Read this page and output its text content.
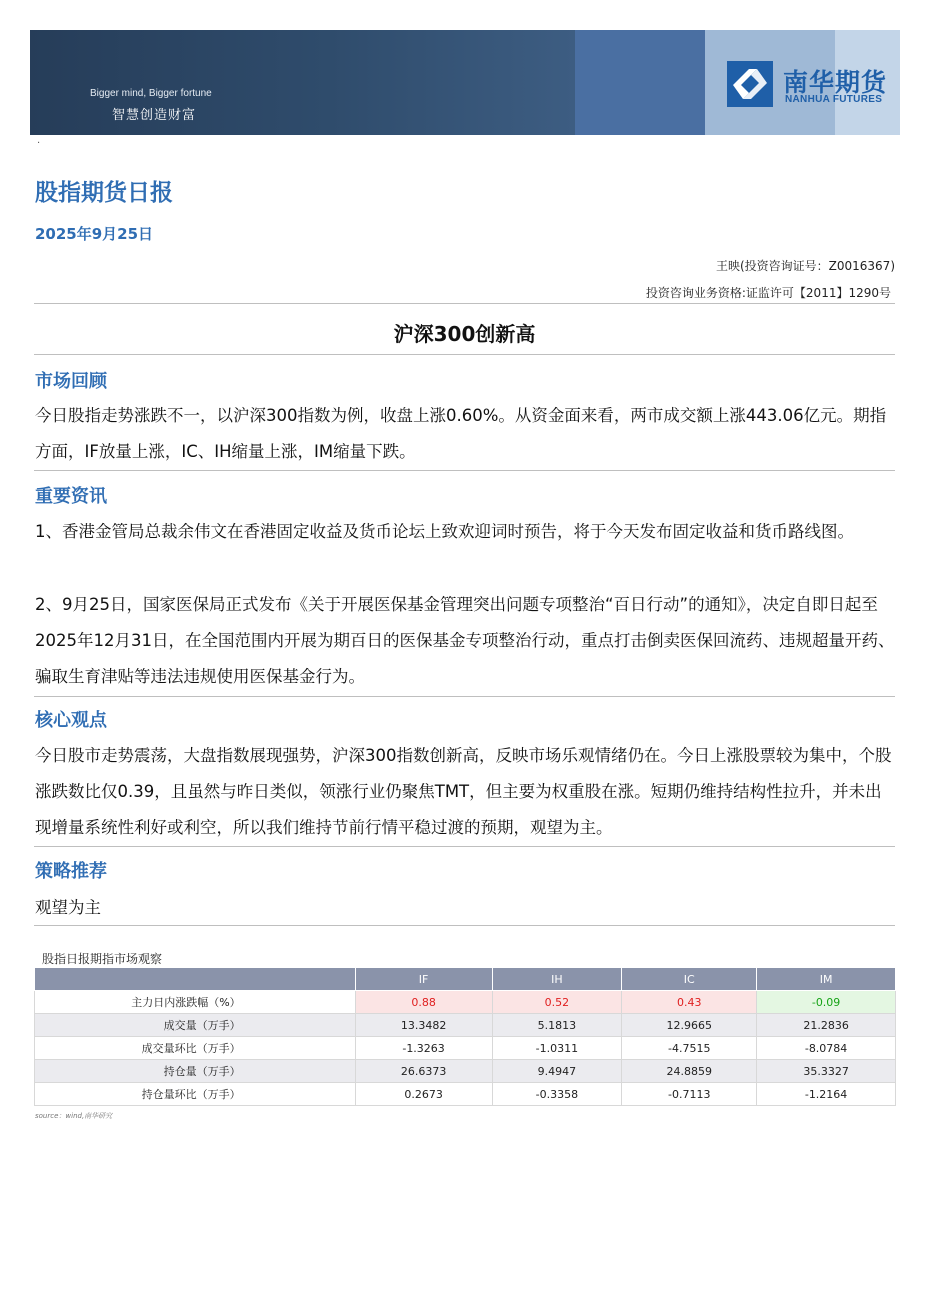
Bigger mind, Bigger fortune
智慧创造财富
南华期货
NANHUA FUTURES
·
股指期货日报
2025年9月25日
王映(投资咨询证号：Z0016367)
投资咨询业务资格:证监许可【2011】1290号
沪深300创新高
市场回顾
今日股指走势涨跌不一，以沪深300指数为例，收盘上涨0.60%。从资金面来看，两市成交额上涨443.06亿元。期指方面，IF放量上涨，IC、IH缩量上涨，IM缩量下跌。
重要资讯
1、香港金管局总裁余伟文在香港固定收益及货币论坛上致欢迎词时预告，将于今天发布固定收益和货币路线图。
2、9月25日，国家医保局正式发布《关于开展医保基金管理突出问题专项整治“百日行动”的通知》，决定自即日起至2025年12月31日，在全国范围内开展为期百日的医保基金专项整治行动，重点打击倒卖医保回流药、违规超量开药、骗取生育津贴等违法违规使用医保基金行为。
核心观点
今日股市走势震荡，大盘指数展现强势，沪深300指数创新高，反映市场乐观情绪仍在。今日上涨股票较为集中，个股涨跌数比仅0.39，且虽然与昨日类似，领涨行业仍聚焦TMT，但主要为权重股在涨。短期仍维持结构性拉升，并未出现增量系统性利好或利空，所以我们维持节前行情平稳过渡的预期，观望为主。
策略推荐
观望为主
股指日报期指市场观察
	IF	IH	IC	IM
主力日内涨跌幅（%）	0.88	0.52	0.43	-0.09
成交量（万手）	13.3482	5.1813	12.9665	21.2836
成交量环比（万手）	-1.3263	-1.0311	-4.7515	-8.0784
持仓量（万手）	26.6373	9.4947	24.8859	35.3327
持仓量环比（万手）	0.2673	-0.3358	-0.7113	-1.2164
source：wind,南华研究
